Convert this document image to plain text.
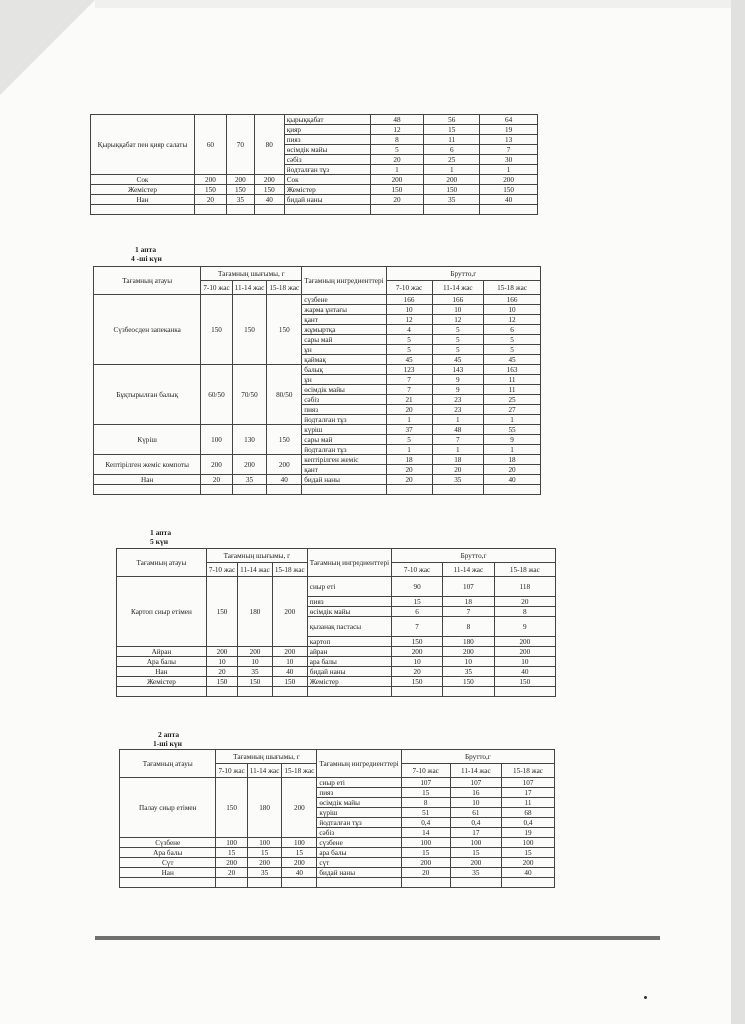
Қырыққабат пен қияр салаты	60	70	80	қырыққабат	48	56	64
				қияр	12	15	19
				пияз	8	11	13
				өсімдік майы	5	6	7
				сәбіз	20	25	30
				йодталған тұз	1	1	1
Сок	200	200	200	Сок	200	200	200
Жемістер	150	150	150	Жемістер	150	150	150
Нан	20	35	40	бидай наны	20	35	40

1 апта
4 -ші күн
Тағамның атауы	Тағамның шығымы, г			Тағамның ингредиенттері	Брутто,г		
	7-10 жас	11-14 жас	15-18 жас		7-10 жас	11-14 жас	15-18 жас
Сүзбеосден запеканка	150	150	150	сүзбене	166	166	166
				жарма ұнтағы	10	10	10
				қант	12	12	12
				жұмыртқа	4	5	6
				сары май	5	5	5
				ұн	5	5	5
				қаймақ	45	45	45
Бұқтырылған балық	60/50	70/50	80/50	балық	123	143	163
				ұн	7	9	11
				өсімдік майы	7	9	11
				сәбіз	21	23	25
				пияз	20	23	27
				йодталған тұз	1	1	1
Күріш	100	130	150	күріш	37	48	55
				сары май	5	7	9
				йодталған тұз	1	1	1
Кептірілген жеміс компоты	200	200	200	кептірілген жеміс	18	18	18
				қант	20	20	20
Нан	20	35	40	бидай наны	20	35	40

1 апта
5 күн
Тағамның атауы	Тағамның шығымы, г			Тағамның ингредиенттері	Брутто,г		
	7-10 жас	11-14 жас	15-18 жас		7-10 жас	11-14 жас	15-18 жас
Картоп сиыр етімен	150	180	200	сиыр еті	90	107	118
				пияз	15	18	20
				өсімдік майы	6	7	8
				қызанақ пастасы	7	8	9
				картоп	150	180	200
Айран	200	200	200	айран	200	200	200
Ара балы	10	10	10	ара балы	10	10	10
Нан	20	35	40	бидай наны	20	35	40
Жемістер	150	150	150	Жемістер	150	150	150

2 апта
1-ші күн
Тағамның атауы	Тағамның шығымы, г			Тағамның ингредиенттері	Брутто,г		
	7-10 жас	11-14 жас	15-18 жас		7-10 жас	11-14 жас	15-18 жас
Палау сиыр етімен	150	180	200	сиыр еті	107	107	107
				пияз	15	16	17
				өсімдік майы	8	10	11
				күріш	51	61	68
				йодталған тұз	0,4	0,4	0,4
				сәбіз	14	17	19
Сүзбене	100	100	100	сүзбене	100	100	100
Ара балы	15	15	15	ара балы	15	15	15
Сүт	200	200	200	сүт	200	200	200
Нан	20	35	40	бидай наны	20	35	40
